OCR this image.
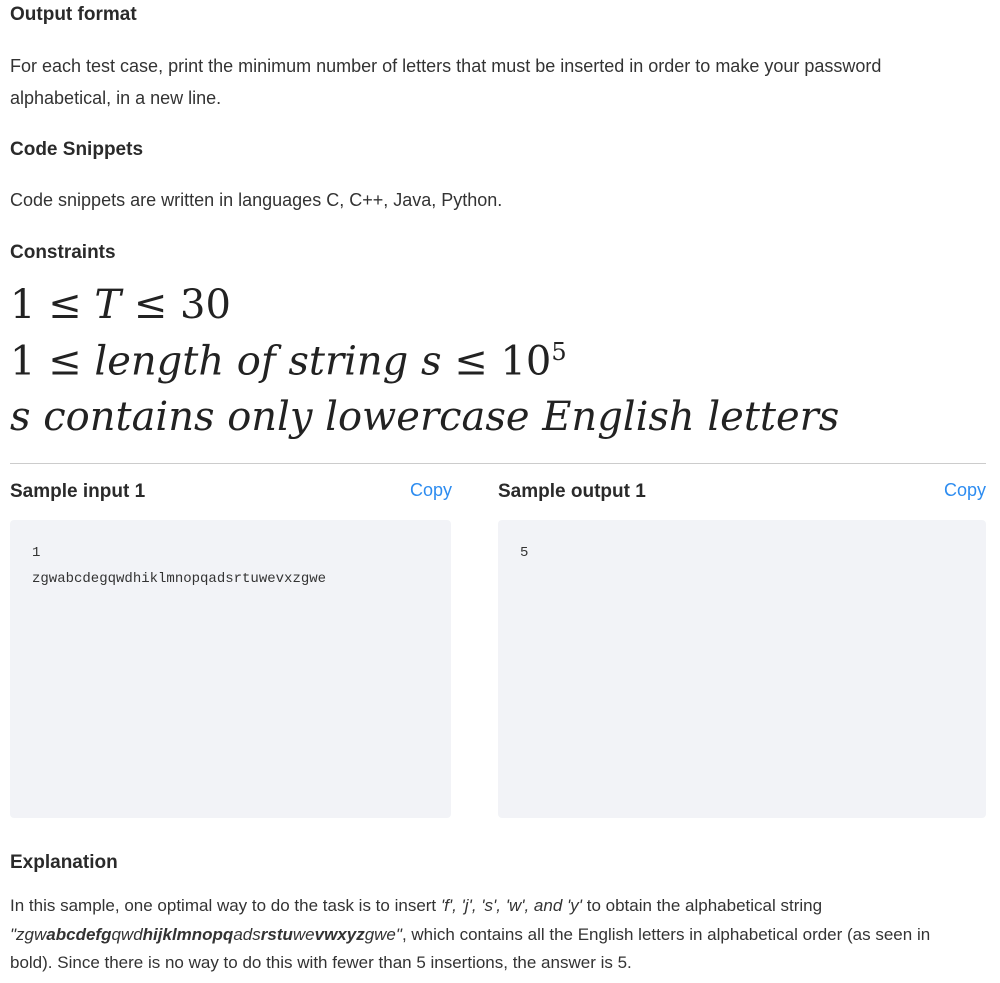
Output format
For each test case, print the minimum number of letters that must be inserted in order to make your password alphabetical, in a new line.
Code Snippets
Code snippets are written in languages C, C++, Java, Python.
Constraints
1 ≤ T ≤ 30
1 ≤ length of string $s \le 10^5$
s contains only lowercase English letters
Sample input 1	Copy
1
zgwabcdegqwdhiklmnopqadsrtuwevxzgwe
Sample output 1	Copy
5
Explanation
In this sample, one optimal way to do the task is to insert 'f', 'j', 's', 'w', and 'y' to obtain the alphabetical string "zgwabcdefgqwdhijklmnopqadsrstuwevwxyzgwe", which contains all the English letters in alphabetical order (as seen in bold). Since there is no way to do this with fewer than 5 insertions, the answer is 5.
